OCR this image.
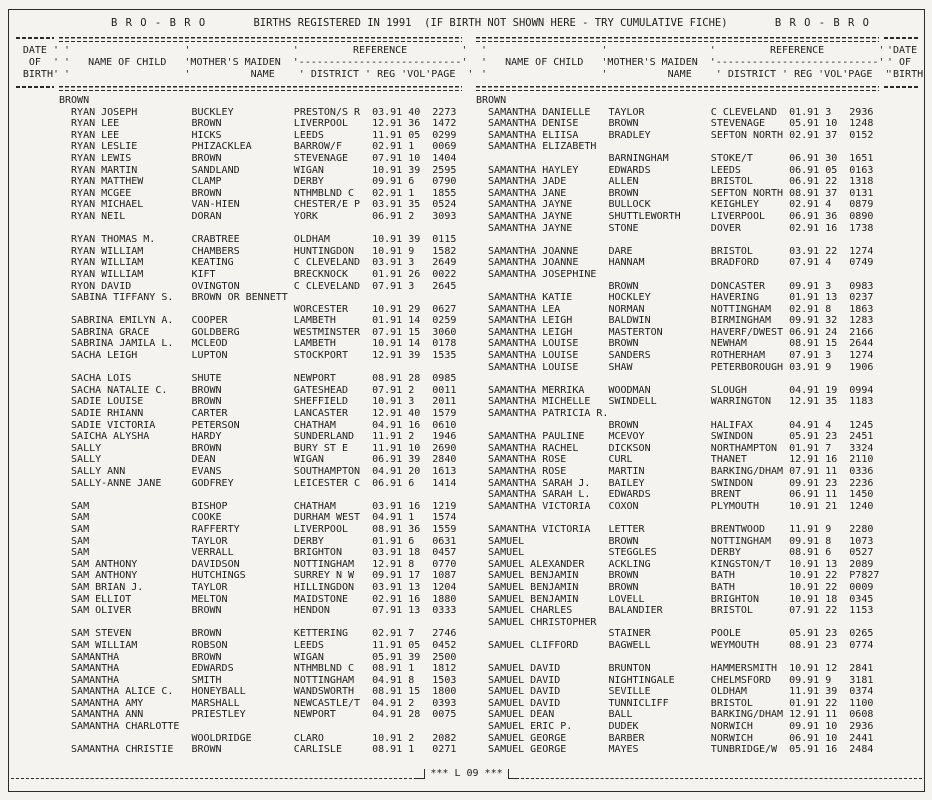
B R O - B R O	BIRTHS REGISTERED IN 1991  (IF BIRTH NOT SHOWN HERE - TRY CUMULATIVE FICHE)	B R O - B R O
DATE '
OF  '
BIRTH'
'                   '                 '         REFERENCE         '
'   NAME OF CHILD   'MOTHER'S MAIDEN  '---------------------------'
'                   '          NAME    ' DISTRICT ' REG 'VOL'PAGE  '
'                   '                 '         REFERENCE         '
'   NAME OF CHILD   'MOTHER'S MAIDEN  '---------------------------'
'                   '          NAME    ' DISTRICT ' REG 'VOL'PAGE  '
'DATE
' OF
'BIRTH
BROWN
RYAN JOSEPH         BUCKLEY          PRESTON/S R  03.91 40  2273
RYAN LEE            BROWN            LIVERPOOL    12.91 36  1472
RYAN LEE            HICKS            LEEDS        11.91 05  0299
RYAN LESLIE         PHIZACKLEA       BARROW/F     02.91 1   0069
RYAN LEWIS          BROWN            STEVENAGE    07.91 10  1404
RYAN MARTIN         SANDLAND         WIGAN        10.91 39  2595
RYAN MATTHEW        CLAMP            DERBY        09.91 6   0790
RYAN MCGEE          BROWN            NTHMBLND C   02.91 1   1855
RYAN MICHAEL        VAN-HIEN         CHESTER/E P  03.91 35  0524
RYAN NEIL           DORAN            YORK         06.91 2   3093

RYAN THOMAS M.      CRABTREE         OLDHAM       10.91 39  0115
RYAN WILLIAM        CHAMBERS         HUNTINGDON   10.91 9   1582
RYAN WILLIAM        KEATING          C CLEVELAND  03.91 3   2649
RYAN WILLIAM        KIFT             BRECKNOCK    01.91 26  0022
RYON DAVID          OVINGTON         C CLEVELAND  07.91 3   2645
SABINA TIFFANY S.   BROWN OR BENNETT
WORCESTER    10.91 29  0627
SABRINA EMILYN A.   COOPER           LAMBETH      01.91 14  0259
SABRINA GRACE       GOLDBERG         WESTMINSTER  07.91 15  3060
SABRINA JAMILA L.   MCLEOD           LAMBETH      10.91 14  0178
SACHA LEIGH         LUPTON           STOCKPORT    12.91 39  1535

SACHA LOIS          SHUTE            NEWPORT      08.91 28  0985
SACHA NATALIE C.    BROWN            GATESHEAD    07.91 2   0011
SADIE LOUISE        BROWN            SHEFFIELD    10.91 3   2011
SADIE RHIANN        CARTER           LANCASTER    12.91 40  1579
SADIE VICTORIA      PETERSON         CHATHAM      04.91 16  0610
SAICHA ALYSHA       HARDY            SUNDERLAND   11.91 2   1946
SALLY               BROWN            BURY ST E    11.91 10  2690
SALLY               DEAN             WIGAN        06.91 39  2840
SALLY ANN           EVANS            SOUTHAMPTON  04.91 20  1613
SALLY-ANNE JANE     GODFREY          LEICESTER C  06.91 6   1414

SAM                 BISHOP           CHATHAM      03.91 16  1219
SAM                 COOKE            DURHAM WEST  04.91 1   1574
SAM                 RAFFERTY         LIVERPOOL    08.91 36  1559
SAM                 TAYLOR           DERBY        01.91 6   0631
SAM                 VERRALL          BRIGHTON     03.91 18  0457
SAM ANTHONY         DAVIDSON         NOTTINGHAM   12.91 8   0770
SAM ANTHONY         HUTCHINGS        SURREY N W   09.91 17  1087
SAM BRIAN J.        TAYLOR           HILLINGDON   03.91 13  1204
SAM ELLIOT          MELTON           MAIDSTONE    02.91 16  1880
SAM OLIVER          BROWN            HENDON       07.91 13  0333

SAM STEVEN          BROWN            KETTERING    02.91 7   2746
SAM WILLIAM         ROBSON           LEEDS        11.91 05  0452
SAMANTHA            BROWN            WIGAN        05.91 39  2500
SAMANTHA            EDWARDS          NTHMBLND C   08.91 1   1812
SAMANTHA            SMITH            NOTTINGHAM   04.91 8   1503
SAMANTHA ALICE C.   HONEYBALL        WANDSWORTH   08.91 15  1800
SAMANTHA AMY        MARSHALL         NEWCASTLE/T  04.91 2   0393
SAMANTHA ANN        PRIESTLEY        NEWPORT      04.91 28  0075
SAMANTHA CHARLOTTE
WOOLDRIDGE       CLARO        10.91 2   2082
SAMANTHA CHRISTIE   BROWN            CARLISLE     08.91 1   0271
BROWN
SAMANTHA DANIELLE   TAYLOR           C CLEVELAND  01.91 3   2936
SAMANTHA DENISE     BROWN            STEVENAGE    05.91 10  1248
SAMANTHA ELIISA     BRADLEY          SEFTON NORTH 02.91 37  0152
SAMANTHA ELIZABETH
BARNINGHAM       STOKE/T      06.91 30  1651
SAMANTHA HAYLEY     EDWARDS          LEEDS        06.91 05  0163
SAMANTHA JADE       ALLEN            BRISTOL      06.91 22  1318
SAMANTHA JANE       BROWN            SEFTON NORTH 08.91 37  0131
SAMANTHA JAYNE      BULLOCK          KEIGHLEY     02.91 4   0879
SAMANTHA JAYNE      SHUTTLEWORTH     LIVERPOOL    06.91 36  0890
SAMANTHA JAYNE      STONE            DOVER        02.91 16  1738

SAMANTHA JOANNE     DARE             BRISTOL      03.91 22  1274
SAMANTHA JOANNE     HANNAM           BRADFORD     07.91 4   0749
SAMANTHA JOSEPHINE
BROWN            DONCASTER    09.91 3   0983
SAMANTHA KATIE      HOCKLEY          HAVERING     01.91 13  0237
SAMANTHA LEA        NORMAN           NOTTINGHAM   02.91 8   1863
SAMANTHA LEIGH      BALDWIN          BIRMINGHAM   09.91 32  1283
SAMANTHA LEIGH      MASTERTON        HAVERF/DWEST 06.91 24  2166
SAMANTHA LOUISE     BROWN            NEWHAM       08.91 15  2644
SAMANTHA LOUISE     SANDERS          ROTHERHAM    07.91 3   1274
SAMANTHA LOUISE     SHAW             PETERBOROUGH 03.91 9   1906

SAMANTHA MERRIKA    WOODMAN          SLOUGH       04.91 19  0994
SAMANTHA MICHELLE   SWINDELL         WARRINGTON   12.91 35  1183
SAMANTHA PATRICIA R.
BROWN            HALIFAX      04.91 4   1245
SAMANTHA PAULINE    MCEVOY           SWINDON      05.91 23  2451
SAMANTHA RACHEL     DICKSON          NORTHAMPTON  01.91 7   3324
SAMANTHA ROSE       CURL             THANET       12.91 16  2110
SAMANTHA ROSE       MARTIN           BARKING/DHAM 07.91 11  0336
SAMANTHA SARAH J.   BAILEY           SWINDON      09.91 23  2236
SAMANTHA SARAH L.   EDWARDS          BRENT        06.91 11  1450
SAMANTHA VICTORIA   COXON            PLYMOUTH     10.91 21  1240

SAMANTHA VICTORIA   LETTER           BRENTWOOD    11.91 9   2280
SAMUEL              BROWN            NOTTINGHAM   09.91 8   1073
SAMUEL              STEGGLES         DERBY        08.91 6   0527
SAMUEL ALEXANDER    ACKLING          KINGSTON/T   10.91 13  2089
SAMUEL BENJAMIN     BROWN            BATH         10.91 22  P7827
SAMUEL BENJAMIN     BROWN            BATH         10.91 22  0009
SAMUEL BENJAMIN     LOVELL           BRIGHTON     10.91 18  0345
SAMUEL CHARLES      BALANDIER        BRISTOL      07.91 22  1153
SAMUEL CHRISTOPHER
STAINER          POOLE        05.91 23  0265
SAMUEL CLIFFORD     BAGWELL          WEYMOUTH     08.91 23  0774

SAMUEL DAVID        BRUNTON          HAMMERSMITH  10.91 12  2841
SAMUEL DAVID        NIGHTINGALE      CHELMSFORD   09.91 9   3181
SAMUEL DAVID        SEVILLE          OLDHAM       11.91 39  0374
SAMUEL DAVID        TUNNICLIFF       BRISTOL      01.91 22  1100
SAMUEL DEAN         BALL             BARKING/DHAM 12.91 11  0608
SAMUEL ERIC P.      DUDEK            NORWICH      09.91 10  2936
SAMUEL GEORGE       BARBER           NORWICH      06.91 10  2441
SAMUEL GEORGE       MAYES            TUNBRIDGE/W  05.91 16  2484
*** L 09 ***
